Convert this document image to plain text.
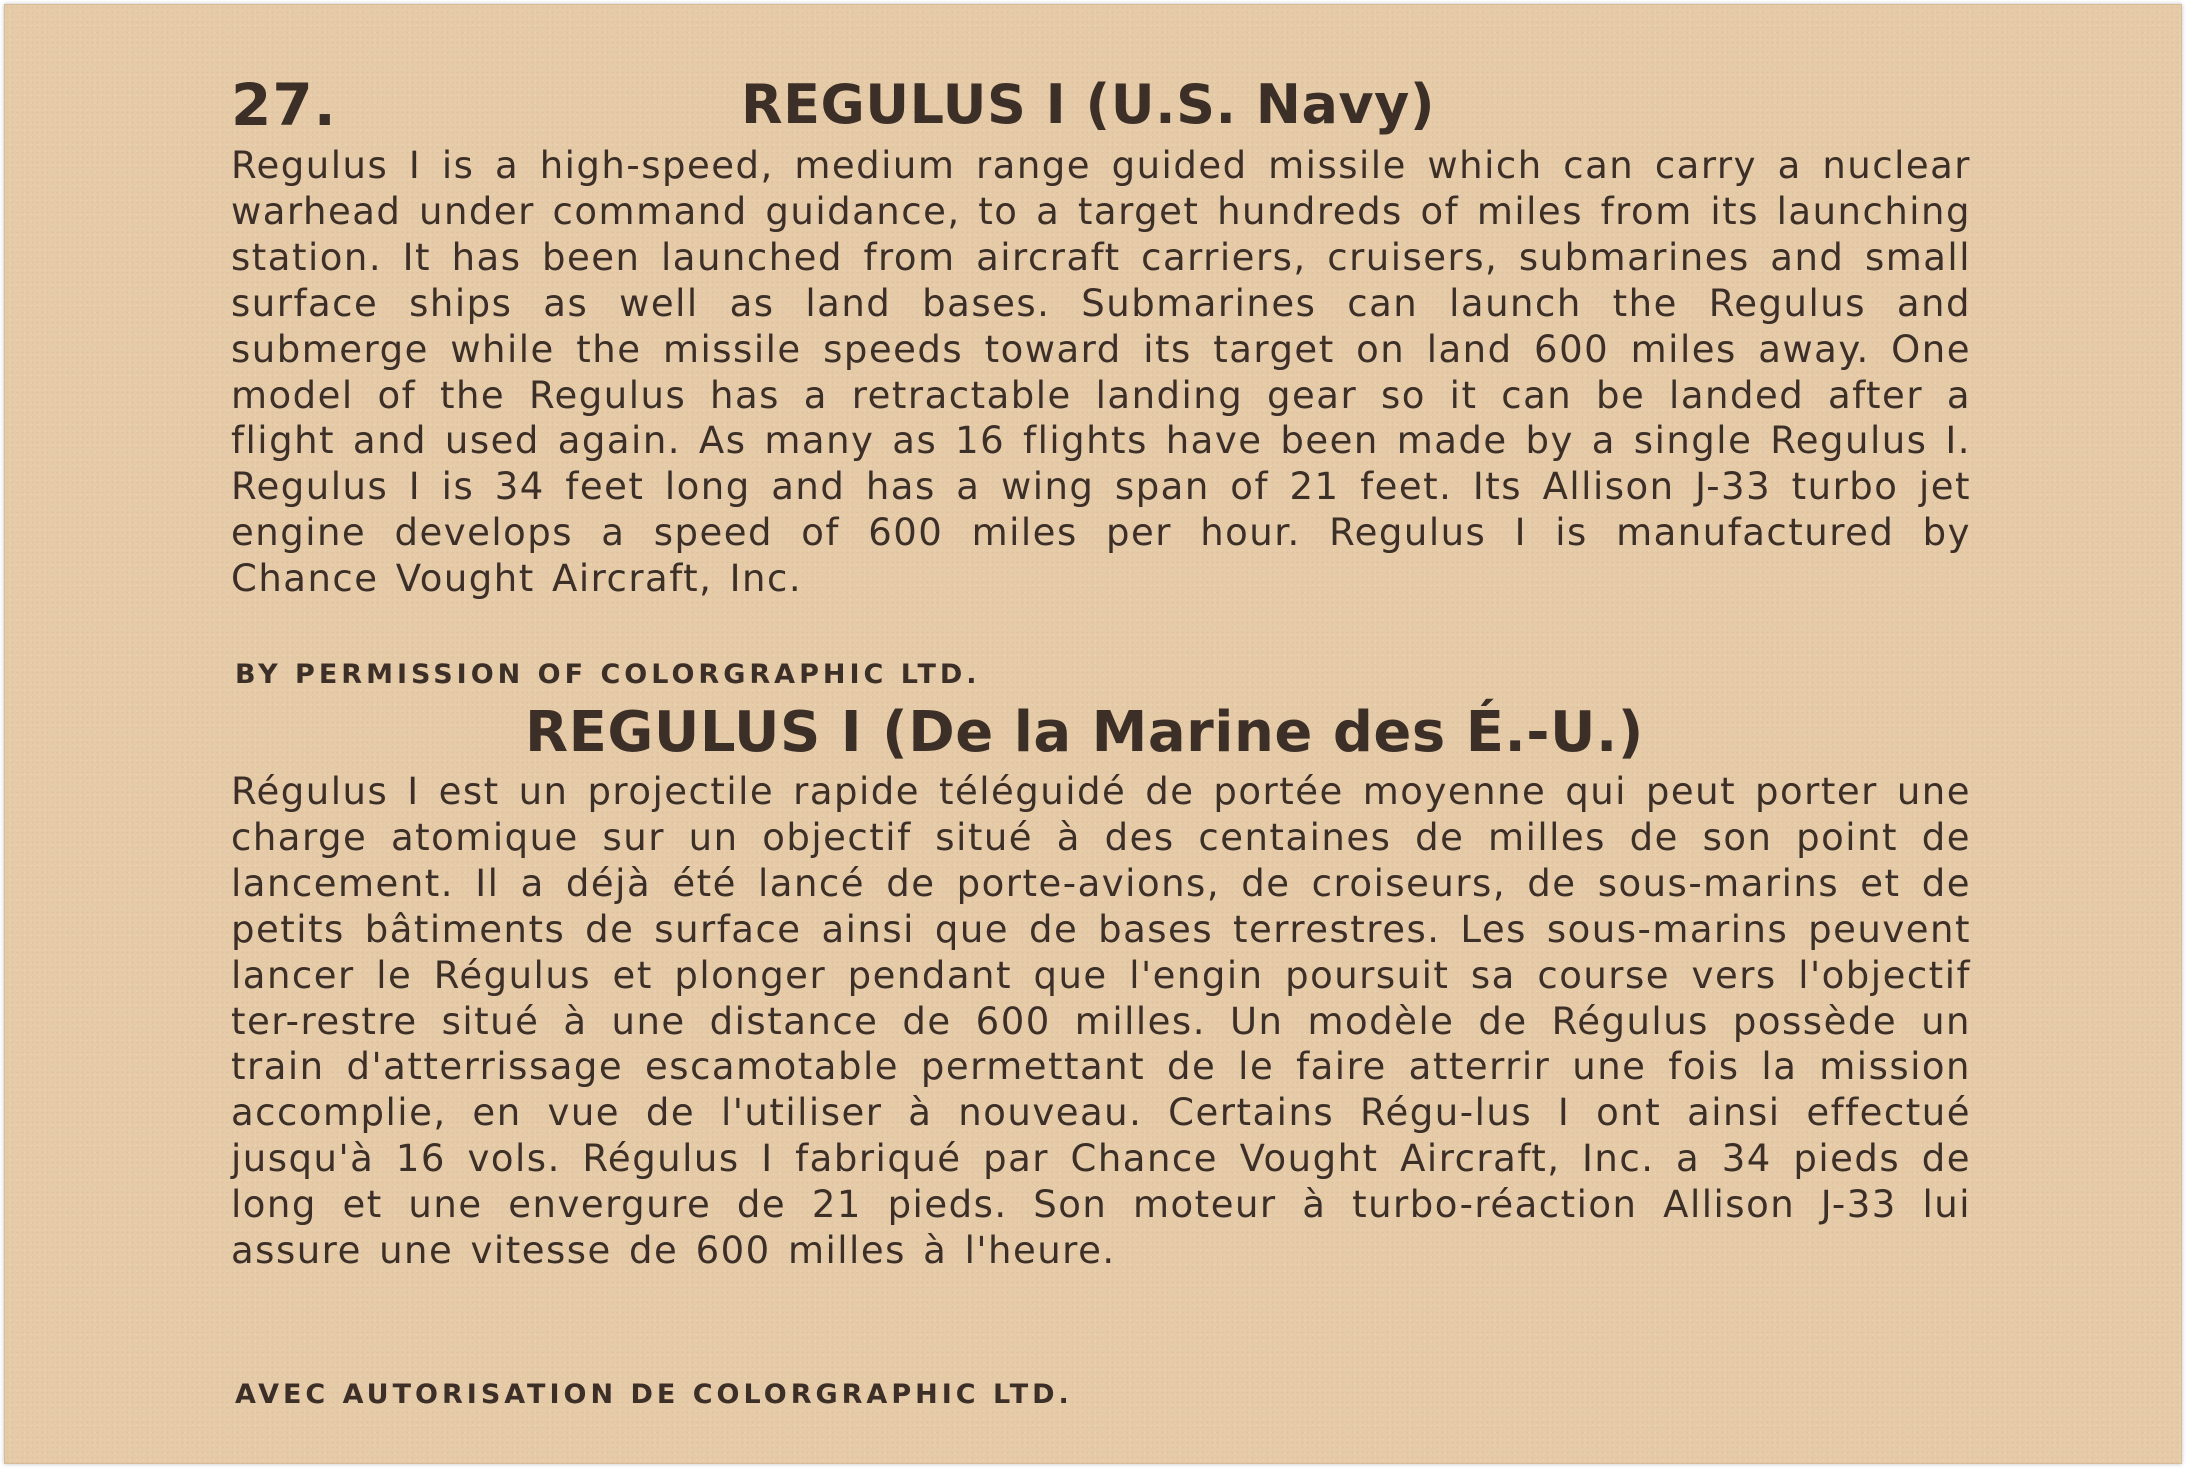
27.	REGULUS I (U.S. Navy)

Regulus I is a high-speed, medium range guided missile which can carry a nuclear warhead under command guidance, to a target hundreds of miles from its launching station. It has been launched from aircraft carriers, cruisers, submarines and small surface ships as well as land bases. Submarines can launch the Regulus and submerge while the missile speeds toward its target on land 600 miles away. One model of the Regulus has a retractable landing gear so it can be landed after a flight and used again. As many as 16 flights have been made by a single Regulus I. Regulus I is 34 feet long and has a wing span of 21 feet. Its Allison J-33 turbo jet engine develops a speed of 600 miles per hour. Regulus I is manufactured by Chance Vought Aircraft, Inc.

BY PERMISSION OF COLORGRAPHIC LTD.
REGULUS I (De la Marine des É.-U.)

Régulus I est un projectile rapide téléguidé de portée moyenne qui peut porter une charge atomique sur un objectif situé à des centaines de milles de son point de lancement. Il a déjà été lancé de porte-avions, de croiseurs, de sous-marins et de petits bâtiments de surface ainsi que de bases terrestres. Les sous-marins peuvent lancer le Régulus et plonger pendant que l'engin poursuit sa course vers l'objectif ter-restre situé à une distance de 600 milles. Un modèle de Régulus possède un train d'atterrissage escamotable permettant de le faire atterrir une fois la mission accomplie, en vue de l'utiliser à nouveau. Certains Régu-lus I ont ainsi effectué jusqu'à 16 vols. Régulus I fabriqué par Chance Vought Aircraft, Inc. a 34 pieds de long et une envergure de 21 pieds. Son moteur à turbo-réaction Allison J-33 lui assure une vitesse de 600 milles à l'heure.

AVEC AUTORISATION DE COLORGRAPHIC LTD.
